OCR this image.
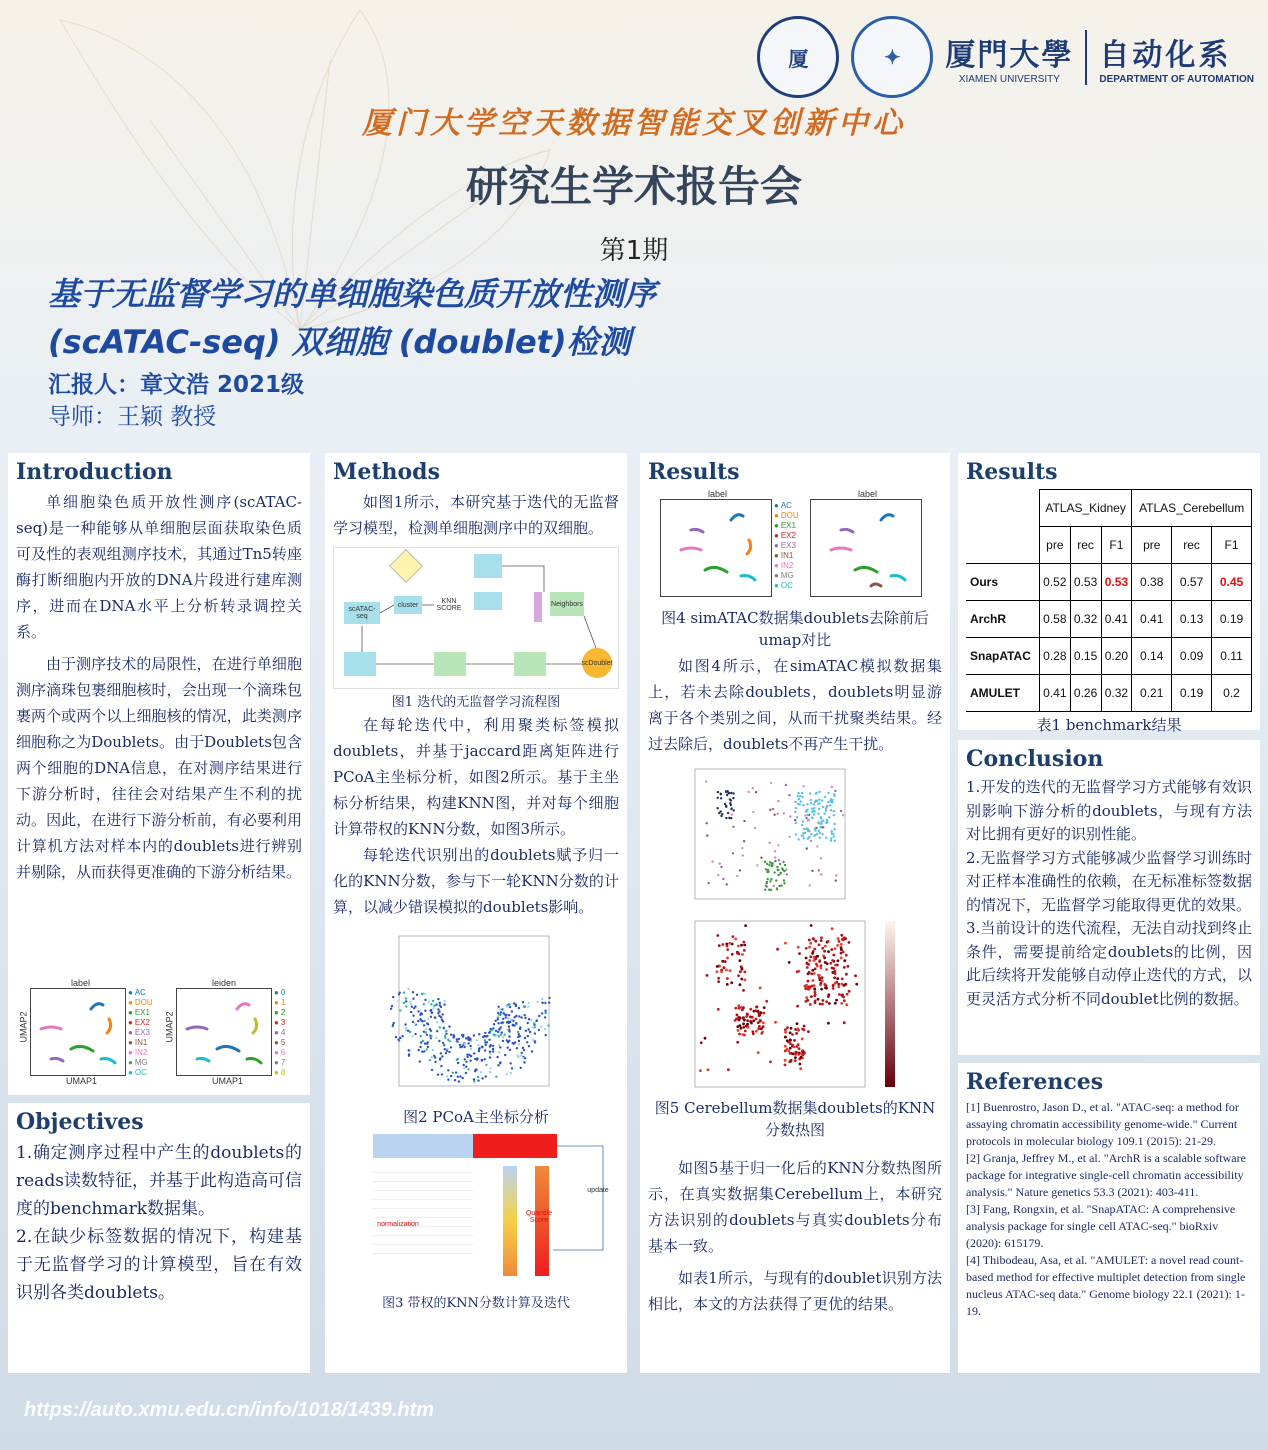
厦	✦	厦門大學
XIAMEN UNIVERSITY
自动化系
DEPARTMENT OF AUTOMATION
厦门大学空天数据智能交叉创新中心
研究生学术报告会
第1期
基于无监督学习的单细胞染色质开放性测序
(scATAC-seq) 双细胞 (doublet)检测
汇报人：章文浩 2021级
导师：王颖 教授
Introduction

单细胞染色质开放性测序(scATAC-seq)是一种能够从单细胞层面获取染色质可及性的表观组测序技术，其通过Tn5转座酶打断细胞内开放的DNA片段进行建库测序，进而在DNA水平上分析转录调控关系。

由于测序技术的局限性，在进行单细胞测序滴珠包裹细胞核时，会出现一个滴珠包裹两个或两个以上细胞核的情况，此类测序细胞称之为Doublets。由于Doublets包含两个细胞的DNA信息，在对测序结果进行下游分析时，往往会对结果产生不利的扰动。因此，在进行下游分析前，有必要利用计算机方法对样本内的doublets进行辨别并剔除，从而获得更准确的下游分析结果。

label
● AC
● DOU
● EX1
● EX2
● EX3
● IN1
● IN2
● MG
● OC
leiden
● 0
● 1
● 2
● 3
● 4
● 5
● 6
● 7
● 8
UMAP1	UMAP1
UMAP2	UMAP2
Objectives

1.确定测序过程中产生的doublets的reads读数特征，并基于此构造高可信度的benchmark数据集。

2.在缺少标签数据的情况下，构建基于无监督学习的计算模型，旨在有效识别各类doublets。

Methods

如图1所示，本研究基于迭代的无监督学习模型，检测单细胞测序中的双细胞。

scATAC-seq
cluster	KNN SCORE
Neighbors
scDoublet
图1 迭代的无监督学习流程图

在每轮迭代中，利用聚类标签模拟doublets，并基于jaccard距离矩阵进行PCoA主坐标分析，如图2所示。基于主坐标分析结果，构建KNN图，并对每个细胞计算带权的KNN分数，如图3所示。

每轮迭代识别出的doublets赋予归一化的KNN分数，参与下一轮KNN分数的计算，以减少错误模拟的doublets影响。

图2 PCoA主坐标分析
normalization
Quantile Score
update
图3 带权的KNN分数计算及迭代
Results
label
● AC
● DOU
● EX1
● EX2
● EX3
● IN1
● IN2
● MG
● OC
label
图4 simATAC数据集doublets去除前后umap对比

如图4所示，在simATAC模拟数据集上，若未去除doublets，doublets明显游离于各个类别之间，从而干扰聚类结果。经过去除后，doublets不再产生干扰。

图5 Cerebellum数据集doublets的KNN分数热图

如图5基于归一化后的KNN分数热图所示，在真实数据集Cerebellum上，本研究方法识别的doublets与真实doublets分布基本一致。

如表1所示，与现有的doublet识别方法相比，本文的方法获得了更优的结果。

Results
	ATLAS_Kidney			ATLAS_Cerebellum		
	pre	rec	F1	pre	rec	F1
Ours	0.52	0.53	0.53	0.38	0.57	0.45
ArchR	0.58	0.32	0.41	0.41	0.13	0.19
SnapATAC	0.28	0.15	0.20	0.14	0.09	0.11
AMULET	0.41	0.26	0.32	0.21	0.19	0.2
表1 benchmark结果
Conclusion

1.开发的迭代的无监督学习方式能够有效识别影响下游分析的doublets，与现有方法对比拥有更好的识别性能。

2.无监督学习方式能够减少监督学习训练时对正样本准确性的依赖，在无标准标签数据的情况下，无监督学习能取得更优的效果。

3.当前设计的迭代流程，无法自动找到终止条件，需要提前给定doublets的比例，因此后续将开发能够自动停止迭代的方式，以更灵活方式分析不同doublet比例的数据。

References

[1] Buenrostro, Jason D., et al. "ATAC-seq: a method for assaying chromatin accessibility genome-wide." Current protocols in molecular biology 109.1 (2015): 21-29.

[2] Granja, Jeffrey M., et al. "ArchR is a scalable software package for integrative single-cell chromatin accessibility analysis." Nature genetics 53.3 (2021): 403-411.

[3] Fang, Rongxin, et al. "SnapATAC: A comprehensive analysis package for single cell ATAC-seq." bioRxiv (2020): 615179.

[4] Thibodeau, Asa, et al. "AMULET: a novel read count-based method for effective multiplet detection from single nucleus ATAC-seq data." Genome biology 22.1 (2021): 1-19.

https://auto.xmu.edu.cn/info/1018/1439.htm
